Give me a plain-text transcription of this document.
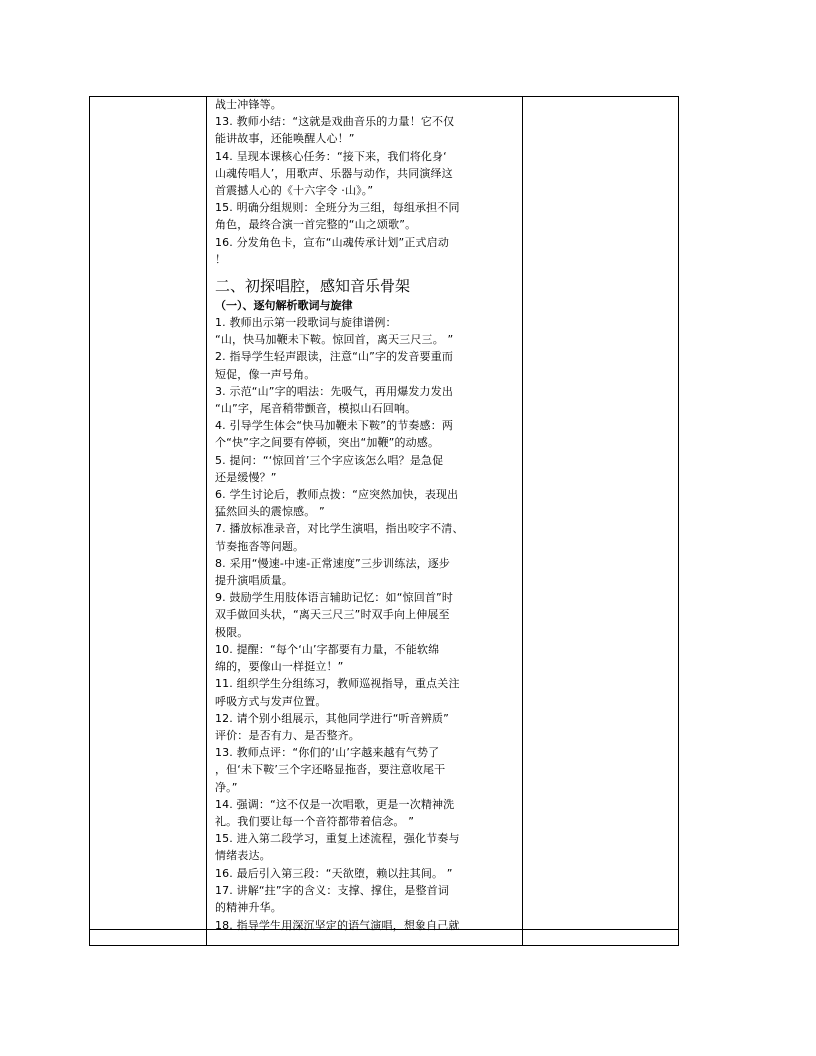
战士冲锋等。
13. 教师小结：“这就是戏曲音乐的力量！它不仅
能讲故事，还能唤醒人心！”
14. 呈现本课核心任务：“接下来，我们将化身‘
山魂传唱人’，用歌声、乐器与动作，共同演绎这
首震撼人心的《十六字令 ·山》。”
15. 明确分组规则：全班分为三组，每组承担不同
角色，最终合演一首完整的“山之颂歌”。
16. 分发角色卡，宣布“山魂传承计划”正式启动
！
二、初探唱腔，感知音乐骨架
（一）、逐句解析歌词与旋律
1. 教师出示第一段歌词与旋律谱例：
“山，快马加鞭未下鞍。惊回首，离天三尺三。 ”
2. 指导学生轻声跟读，注意“山”字的发音要重而
短促，像一声号角。
3. 示范“山”字的唱法：先吸气，再用爆发力发出
“山”字，尾音稍带颤音，模拟山石回响。
4. 引导学生体会“快马加鞭未下鞍”的节奏感：两
个“快”字之间要有停顿，突出“加鞭”的动感。
5. 提问：“‘惊回首’三个字应该怎么唱？是急促
还是缓慢？”
6. 学生讨论后，教师点拨：“应突然加快，表现出
猛然回头的震惊感。 ”
7. 播放标准录音，对比学生演唱，指出咬字不清、
节奏拖沓等问题。
8. 采用“慢速-中速-正常速度”三步训练法，逐步
提升演唱质量。
9. 鼓励学生用肢体语言辅助记忆：如“惊回首”时
双手做回头状，“离天三尺三”时双手向上伸展至
极限。
10. 提醒：“每个‘山’字都要有力量，不能软绵
绵的，要像山一样挺立！”
11. 组织学生分组练习，教师巡视指导，重点关注
呼吸方式与发声位置。
12. 请个别小组展示，其他同学进行“听音辨质”
评价：是否有力、是否整齐。
13. 教师点评：“你们的‘山’字越来越有气势了
，但‘未下鞍’三个字还略显拖沓，要注意收尾干
净。”
14. 强调：“这不仅是一次唱歌，更是一次精神洗
礼。我们要让每一个音符都带着信念。 ”
15. 进入第二段学习，重复上述流程，强化节奏与
情绪表达。
16. 最后引入第三段：“天欲堕，赖以拄其间。 ”
17. 讲解“拄”字的含义：支撑、撑住，是整首词
的精神升华。
18. 指导学生用深沉坚定的语气演唱，想象自己就
